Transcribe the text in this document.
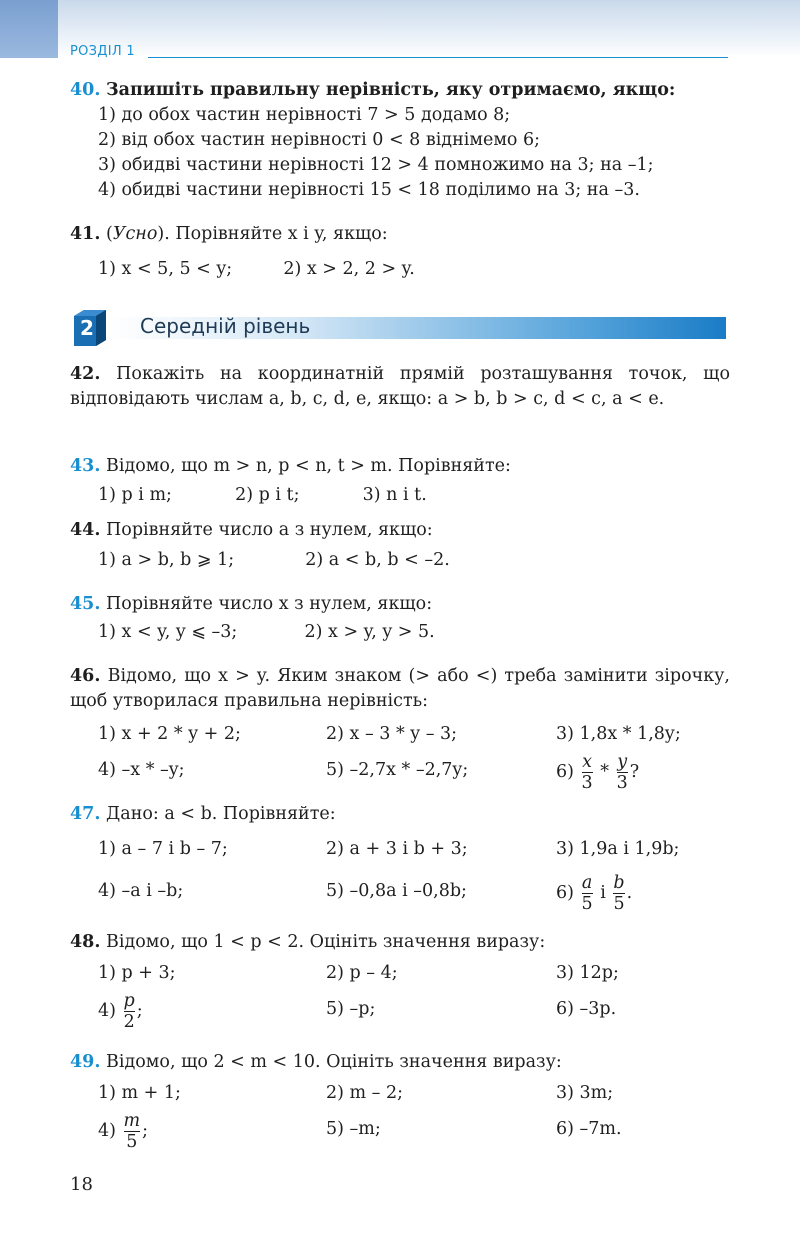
РОЗДІЛ 1
40. Запишіть правильну нерівність, яку отримаємо, якщо:
1) до обох частин нерівності 7 > 5 додамо 8;
2) від обох частин нерівності 0 < 8 віднімемо 6;
3) обидві частини нерівності 12 > 4 помножимо на 3; на –1;
4) обидві частини нерівності 15 < 18 поділимо на 3; на –3.
41. (Усно). Порівняйте x і y, якщо:
1) x < 5, 5 < y;	2) x > 2, 2 > y.
2 Середній рівень
42. Покажіть на координатній прямій розташування точок, що відповідають числам a, b, c, d, e, якщо: a > b, b > c, d < c, a < e.
43. Відомо, що m > n, p < n, t > m. Порівняйте:
1) p і m;	2) p і t;	3) n і t.
44. Порівняйте число a з нулем, якщо:
1) a > b, b ⩾ 1;	2) a < b, b < –2.
45. Порівняйте число x з нулем, якщо:
1) x < y, y ⩽ –3;	2) x > y, y > 5.
46. Відомо, що x > y. Яким знаком (> або <) треба замінити зірочку, щоб утворилася правильна нерівність:
1) x + 2 * y + 2;	2) x – 3 * y – 3;	3) 1,8x * 1,8y;
4) –x * –y;	5) –2,7x * –2,7y;	$6) \frac{x}{3} * \frac{y}{3}$ ?
47. Дано: a < b. Порівняйте:
1) a – 7 і b – 7;	2) a + 3 і b + 3;	3) 1,9a і 1,9b;
4) –a і –b;	5) –0,8a і –0,8b;	$6) \frac{a}{5}$ і $\frac{b}{5}$ .
48. Відомо, що 1 < p < 2. Оцініть значення виразу:
1) p + 3;	2) p – 4;	3) 12p;
$4) \frac{p}{2}$ ;	5) –p;	6) –3p.
49. Відомо, що 2 < m < 10. Оцініть значення виразу:
1) m + 1;	2) m – 2;	3) 3m;
$4) \frac{m}{5}$ ;	5) –m;	6) –7m.
18
